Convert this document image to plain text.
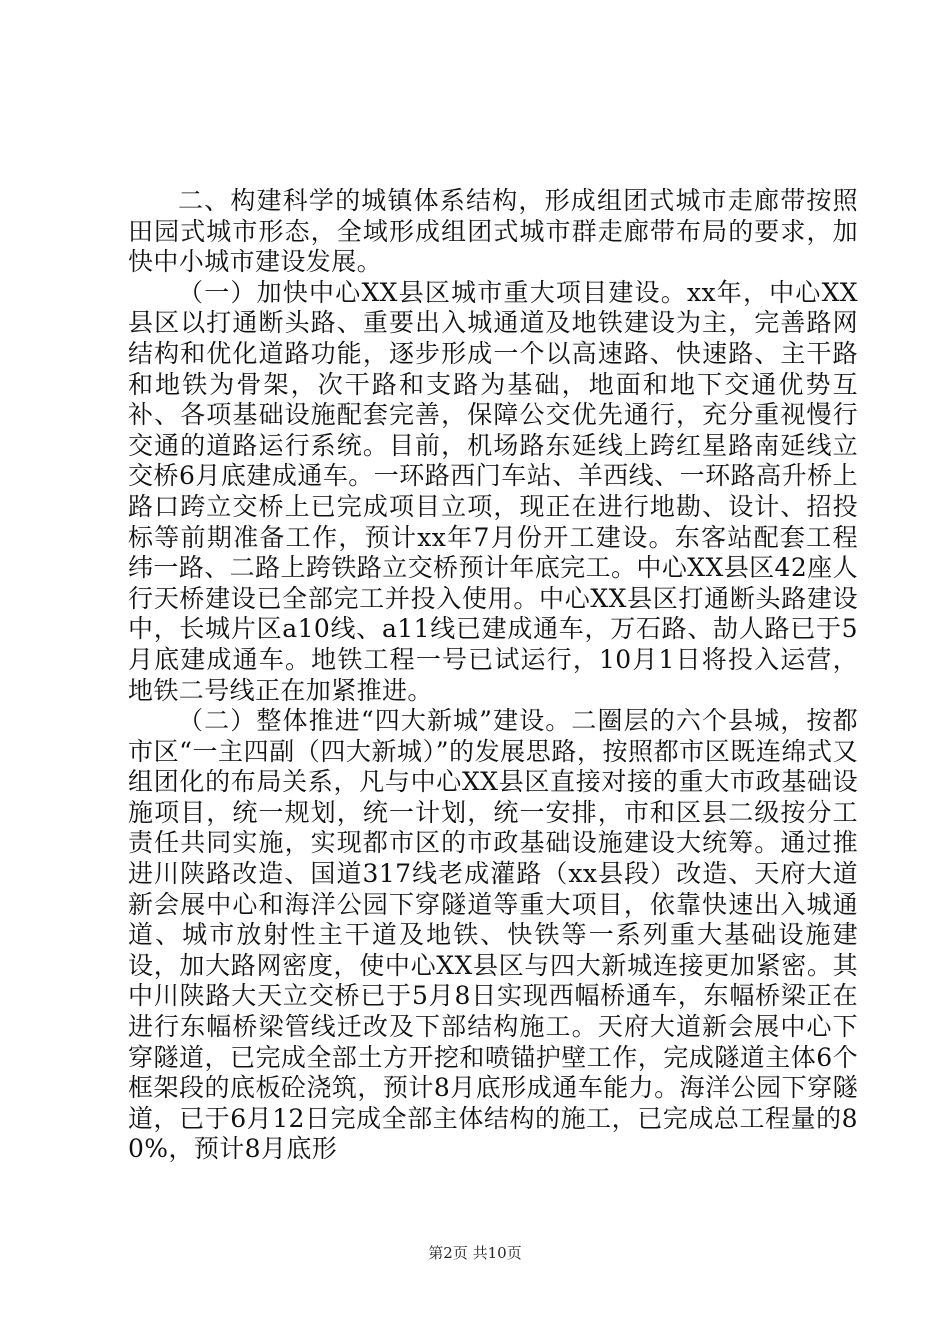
二、构建科学的城镇体系结构，形成组团式城市走廊带按照田园式城市形态，全域形成组团式城市群走廊带布局的要求，加快中小城市建设发展。

（一）加快中心XX县区城市重大项目建设。xx年，中心XX县区以打通断头路、重要出入城通道及地铁建设为主，完善路网结构和优化道路功能，逐步形成一个以高速路、快速路、主干路和地铁为骨架，次干路和支路为基础，地面和地下交通优势互补、各项基础设施配套完善，保障公交优先通行，充分重视慢行交通的道路运行系统。目前，机场路东延线上跨红星路南延线立交桥6月底建成通车。一环路西门车站、羊西线、一环路高升桥上路口跨立交桥上已完成项目立项，现正在进行地勘、设计、招投标等前期准备工作，预计xx年7月份开工建设。东客站配套工程纬一路、二路上跨铁路立交桥预计年底完工。中心XX县区42座人行天桥建设已全部完工并投入使用。中心XX县区打通断头路建设中，长城片区a10线、a11线已建成通车，万石路、劼人路已于5月底建成通车。地铁工程一号已试运行，10月1日将投入运营，地铁二号线正在加紧推进。

（二）整体推进“四大新城”建设。二圈层的六个县城，按都市区“一主四副（四大新城）”的发展思路，按照都市区既连绵式又组团化的布局关系，凡与中心XX县区直接对接的重大市政基础设施项目，统一规划，统一计划，统一安排，市和区县二级按分工责任共同实施，实现都市区的市政基础设施建设大统筹。通过推进川陕路改造、国道317线老成灌路（xx县段）改造、天府大道新会展中心和海洋公园下穿隧道等重大项目，依靠快速出入城通道、城市放射性主干道及地铁、快铁等一系列重大基础设施建设，加大路网密度，使中心XX县区与四大新城连接更加紧密。其中川陕路大天立交桥已于5月8日实现西幅桥通车，东幅桥梁正在进行东幅桥梁管线迁改及下部结构施工。天府大道新会展中心下穿隧道，已完成全部土方开挖和喷锚护壁工作，完成隧道主体6个框架段的底板砼浇筑，预计8月底形成通车能力。海洋公园下穿隧道，已于6月12日完成全部主体结构的施工，已完成总工程量的80%，预计8月底形

第2页 共10页
